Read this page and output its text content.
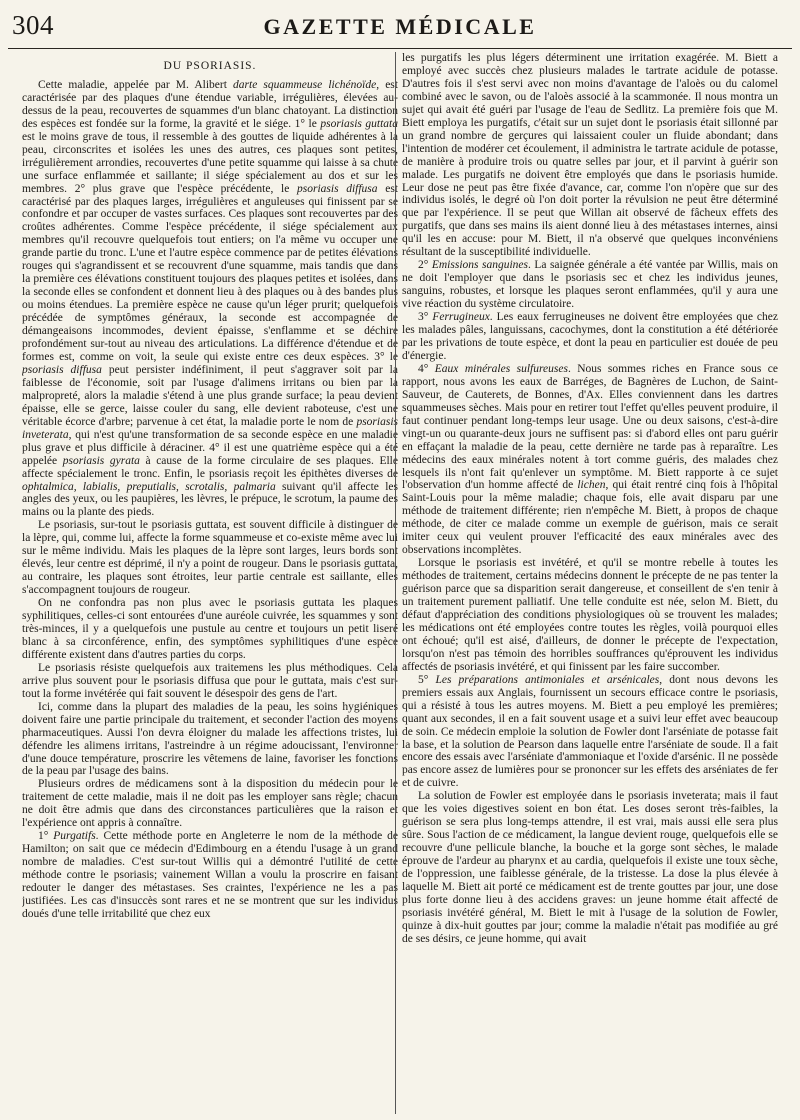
304	GAZETTE MÉDICALE

DU PSORIASIS.

Cette maladie, appelée par M. Alibert darte squammeuse lichénoïde, est caractérisée par des plaques d'une étendue variable, irrégulières, élevées au-dessus de la peau, recouvertes de squammes d'un blanc chatoyant. La distinction des espèces est fondée sur la forme, la gravité et le siége. 1° le psoriasis guttata est le moins grave de tous, il ressemble à des gouttes de liquide adhérentes à la peau, circonscrites et isolées les unes des autres, ces plaques sont petites, irrégulièrement arrondies, recouvertes d'une petite squamme qui laisse à sa chute une surface enflammée et saillante; il siége spécialement au dos et sur les membres. 2° plus grave que l'espèce précédente, le psoriasis diffusa est caractérisé par des plaques larges, irrégulières et anguleuses qui finissent par se confondre et par occuper de vastes surfaces. Ces plaques sont recouvertes par des croûtes adhérentes. Comme l'espèce précédente, il siége spécialement aux membres qu'il recouvre quelquefois tout entiers; on l'a même vu occuper une grande partie du tronc. L'une et l'autre espèce commence par de petites élévations rouges qui s'agrandissent et se recouvrent d'une squamme, mais tandis que dans la première ces élévations constituent toujours des plaques petites et isolées, dans la seconde elles se confondent et donnent lieu à des plaques ou à des bandes plus ou moins étendues. La première espèce ne cause qu'un léger prurit; quelquefois précédée de symptômes généraux, la seconde est accompagnée de démangeaisons incommodes, devient épaisse, s'enflamme et se déchire profondément sur-tout au niveau des articulations. La différence d'étendue et de formes est, comme on voit, la seule qui existe entre ces deux espèces. 3° le psoriasis diffusa peut persister indéfiniment, il peut s'aggraver soit par la faiblesse de l'économie, soit par l'usage d'alimens irritans ou bien par la malpropreté, alors la maladie s'étend à une plus grande surface; la peau devient épaisse, elle se gerce, laisse couler du sang, elle devient raboteuse, c'est une véritable écorce d'arbre; parvenue à cet état, la maladie porte le nom de psoriasis inveterata, qui n'est qu'une transformation de sa seconde espèce en une maladie plus grave et plus difficile à déraciner. 4° il est une quatrième espèce qui a été appelée psoriasis gyrata à cause de la forme circulaire de ses plaques. Elle affecte spécialement le tronc. Enfin, le psoriasis reçoit les épithètes diverses de ophtalmica, labialis, preputialis, scrotalis, palmaria suivant qu'il affecte les angles des yeux, ou les paupières, les lèvres, le prépuce, le scrotum, la paume des mains ou la plante des pieds.

Le psoriasis, sur-tout le psoriasis guttata, est souvent difficile à distinguer de la lèpre, qui, comme lui, affecte la forme squammeuse et co-existe même avec lui sur le même individu. Mais les plaques de la lèpre sont larges, leurs bords sont élevés, leur centre est déprimé, il n'y a point de rougeur. Dans le psoriasis guttata, au contraire, les plaques sont étroites, leur partie centrale est saillante, elles s'accompagnent toujours de rougeur.

On ne confondra pas non plus avec le psoriasis guttata les plaques syphilitiques, celles-ci sont entourées d'une auréole cuivrée, les squammes y sont très-minces, il y a quelquefois une pustule au centre et toujours un petit liseré blanc à sa circonférence, enfin, des symptômes syphilitiques d'une espèce différente existent dans d'autres parties du corps.

Le psoriasis résiste quelquefois aux traitemens les plus méthodiques. Cela arrive plus souvent pour le psoriasis diffusa que pour le guttata, mais c'est sur-tout la forme invétérée qui fait souvent le désespoir des gens de l'art.

Ici, comme dans la plupart des maladies de la peau, les soins hygiéniques doivent faire une partie principale du traitement, et seconder l'action des moyens pharmaceutiques. Aussi l'on devra éloigner du malade les affections tristes, lui défendre les alimens irritans, l'astreindre à un régime adoucissant, l'environner d'une douce température, proscrire les vêtemens de laine, favoriser les fonctions de la peau par l'usage des bains.

Plusieurs ordres de médicamens sont à la disposition du médecin pour le traitement de cette maladie, mais il ne doit pas les employer sans règle; chacun ne doit être admis que dans des circonstances particulières que la raison et l'expérience ont appris à connaître.

1° Purgatifs. Cette méthode porte en Angleterre le nom de la méthode de Hamilton; on sait que ce médecin d'Edimbourg en a étendu l'usage à un grand nombre de maladies. C'est sur-tout Willis qui a démontré l'utilité de cette méthode contre le psoriasis; vainement Willan a voulu la proscrire en faisant redouter le danger des métastases. Ses craintes, l'expérience ne les a pas justifiées. Les cas d'insuccès sont rares et ne se montrent que sur les individus doués d'une telle irritabilité que chez eux

les purgatifs les plus légers déterminent une irritation exagérée. M. Biett a employé avec succès chez plusieurs malades le tartrate acidule de potasse. D'autres fois il s'est servi avec non moins d'avantage de l'aloès ou du calomel combiné avec le savon, ou de l'aloès associé à la scammonée. Il nous montra un sujet qui avait été guéri par l'usage de l'eau de Sedlitz. La première fois que M. Biett employa les purgatifs, c'était sur un sujet dont le psoriasis était sillonné par un grand nombre de gerçures qui laissaient couler un fluide abondant; dans l'intention de modérer cet écoulement, il administra le tartrate acidule de potasse, de manière à produire trois ou quatre selles par jour, et il parvint à guérir son malade. Les purgatifs ne doivent être employés que dans le psoriasis humide. Leur dose ne peut pas être fixée d'avance, car, comme l'on n'opère que sur des individus isolés, le degré où l'on doit porter la révulsion ne peut être déterminé que par l'expérience. Il se peut que Willan ait observé de fâcheux effets des purgatifs, que dans ses mains ils aient donné lieu à des métastases internes, ainsi qu'il les en accuse: pour M. Biett, il n'a observé que quelques inconvéniens résultant de la susceptibilité individuelle.

2° Emissions sanguines. La saignée générale a été vantée par Willis, mais on ne doit l'employer que dans le psoriasis sec et chez les individus jeunes, sanguins, robustes, et lorsque les plaques seront enflammées, qu'il y aura une vive réaction du système circulatoire.

3° Ferrugineux. Les eaux ferrugineuses ne doivent être employées que chez les malades pâles, languissans, cacochymes, dont la constitution a été détériorée par les privations de toute espèce, et dont la peau en particulier est douée de peu d'énergie.

4° Eaux minérales sulfureuses. Nous sommes riches en France sous ce rapport, nous avons les eaux de Barréges, de Bagnères de Luchon, de Saint-Sauveur, de Cauterets, de Bonnes, d'Ax. Elles conviennent dans les dartres squammeuses sèches. Mais pour en retirer tout l'effet qu'elles peuvent produire, il faut continuer pendant long-temps leur usage. Une ou deux saisons, c'est-à-dire vingt-un ou quarante-deux jours ne suffisent pas: si d'abord elles ont paru guérir en effaçant la maladie de la peau, cette dernière ne tarde pas à reparaître. Les médecins des eaux minérales notent à tort comme guéris, des malades chez lesquels ils n'ont fait qu'enlever un symptôme. M. Biett rapporte à ce sujet l'observation d'un homme affecté de lichen, qui était rentré cinq fois à l'hôpital Saint-Louis pour la même maladie; chaque fois, elle avait disparu par une méthode de traitement différente; rien n'empêche M. Biett, à propos de chaque méthode, de citer ce malade comme un exemple de guérison, mais ce serait imiter ceux qui veulent prouver l'efficacité des eaux minérales avec des observations incomplètes.

Lorsque le psoriasis est invétéré, et qu'il se montre rebelle à toutes les méthodes de traitement, certains médecins donnent le précepte de ne pas tenter la guérison parce que sa disparition serait dangereuse, et conseillent de s'en tenir à un traitement purement palliatif. Une telle conduite est née, selon M. Biett, du défaut d'appréciation des conditions physiologiques où se trouvent les malades; les médications ont été employées contre toutes les règles, voilà pourquoi elles ont échoué; qu'il est aisé, d'ailleurs, de donner le précepte de l'expectation, lorsqu'on n'est pas témoin des horribles souffrances qu'éprouvent les individus affectés de psoriasis invétéré, et qui finissent par les faire succomber.

5° Les préparations antimoniales et arsénicales, dont nous devons les premiers essais aux Anglais, fournissent un secours efficace contre le psoriasis, qui a résisté à tous les autres moyens. M. Biett a peu employé les premières; quant aux secondes, il en a fait souvent usage et a suivi leur effet avec beaucoup de soin. Ce médecin emploie la solution de Fowler dont l'arséniate de potasse fait la base, et la solution de Pearson dans laquelle entre l'arséniate de soude. Il a fait encore des essais avec l'arséniate d'ammoniaque et l'oxide d'arsénic. Il ne possède pas encore assez de lumières pour se prononcer sur les effets des arséniates de fer et de cuivre.

La solution de Fowler est employée dans le psoriasis inveterata; mais il faut que les voies digestives soient en bon état. Les doses seront très-faibles, la guérison se sera plus long-temps attendre, il est vrai, mais aussi elle sera plus sûre. Sous l'action de ce médicament, la langue devient rouge, quelquefois elle se recouvre d'une pellicule blanche, la bouche et la gorge sont sèches, le malade éprouve de l'ardeur au pharynx et au cardia, quelquefois il existe une toux sèche, de l'oppression, une faiblesse générale, de la tristesse. La dose la plus élevée à laquelle M. Biett ait porté ce médicament est de trente gouttes par jour, une dose plus forte donne lieu à des accidens graves: un jeune homme était affecté de psoriasis invétéré général, M. Biett le mit à l'usage de la solution de Fowler, quinze à dix-huit gouttes par jour; comme la maladie n'était pas modifiée au gré de ses désirs, ce jeune homme, qui avait
